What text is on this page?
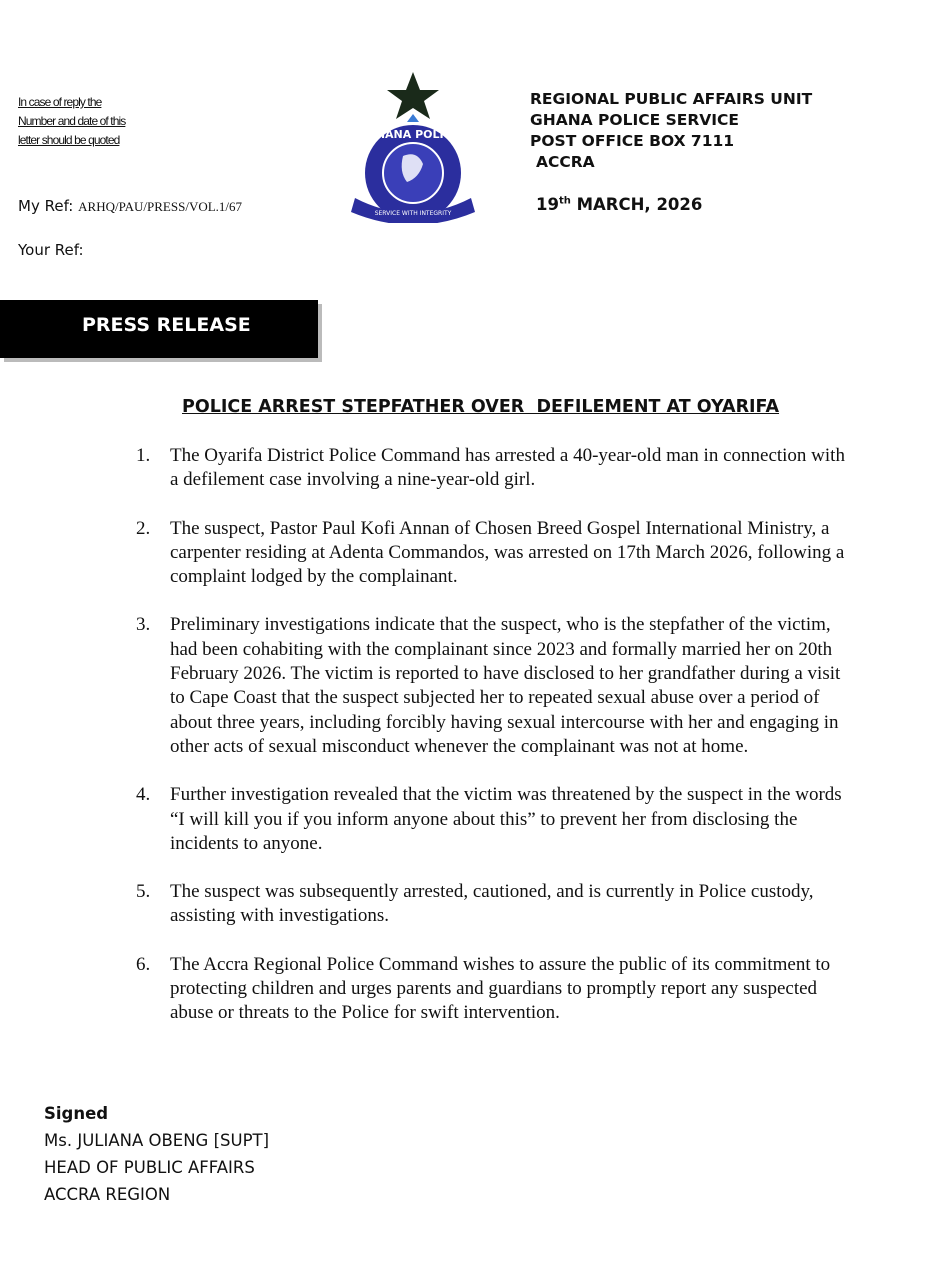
In case of reply the
Number and date of this
letter should be quoted
My Ref: ARHQ/PAU/PRESS/VOL.1/67
Your Ref:
GHANA POLICE
SERVICE WITH INTEGRITY
REGIONAL PUBLIC AFFAIRS UNIT
GHANA POLICE SERVICE
POST OFFICE BOX 7111
ACCRA
19th MARCH, 2026
PRESS RELEASE
POLICE ARREST STEPFATHER OVER  DEFILEMENT AT OYARIFA
1.	The Oyarifa District Police Command has arrested a 40-year-old man in connection with a defilement case involving a nine-year-old girl.
2.	The suspect, Pastor Paul Kofi Annan of Chosen Breed Gospel International Ministry, a carpenter residing at Adenta Commandos, was arrested on 17th March 2026, following a complaint lodged by the complainant.
3.	Preliminary investigations indicate that the suspect, who is the stepfather of the victim, had been cohabiting with the complainant since 2023 and formally married her on 20th February 2026. The victim is reported to have disclosed to her grandfather during a visit to Cape Coast that the suspect subjected her to repeated sexual abuse over a period of about three years, including forcibly having sexual intercourse with her and engaging in other acts of sexual misconduct whenever the complainant was not at home.
4.	Further investigation revealed that the victim was threatened by the suspect in the words “I will kill you if you inform anyone about this” to prevent her from disclosing the incidents to anyone.
5.	The suspect was subsequently arrested, cautioned, and is currently in Police custody, assisting with investigations.
6.	The Accra Regional Police Command wishes to assure the public of its commitment to protecting children and urges parents and guardians to promptly report any suspected abuse or threats to the Police for swift intervention.
Signed
Ms. JULIANA OBENG [SUPT]
HEAD OF PUBLIC AFFAIRS
ACCRA REGION
